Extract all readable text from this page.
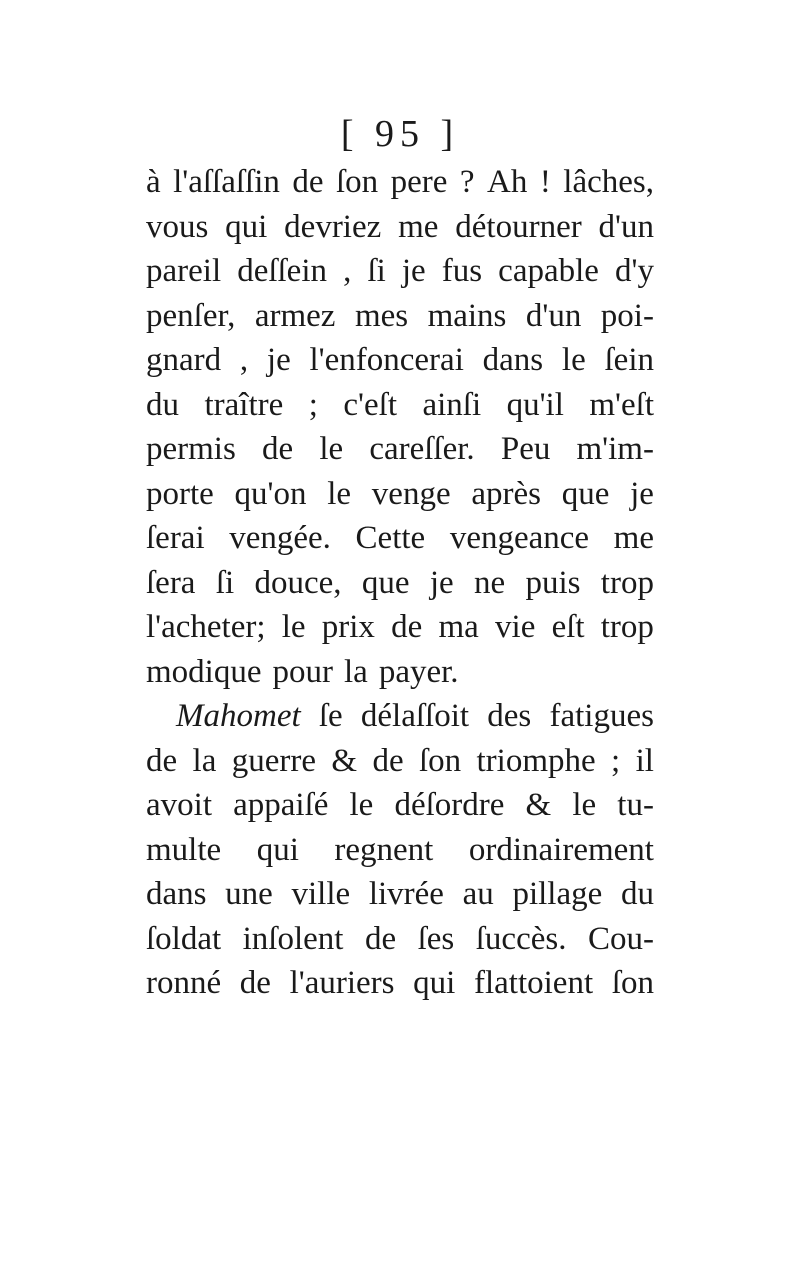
[ 95 ]
à l'aſſaſſin de ſon pere ? Ah ! lâches,
vous qui devriez me détourner d'un
pareil deſſein , ſi je fus capable d'y
penſer, armez mes mains d'un poi-
gnard , je l'enfoncerai dans le ſein
du traître ; c'eſt ainſi qu'il m'eſt
permis de le careſſer. Peu m'im-
porte qu'on le venge après que je
ſerai vengée. Cette vengeance me
ſera ſi douce, que je ne puis trop
l'acheter; le prix de ma vie eſt trop
modique pour la payer.
Mahomet ſe délaſſoit des fatigues
de la guerre & de ſon triomphe ; il
avoit appaiſé le déſordre & le tu-
multe qui regnent ordinairement
dans une ville livrée au pillage du
ſoldat inſolent de ſes ſuccès. Cou-
ronné de l'auriers qui flattoient ſon
